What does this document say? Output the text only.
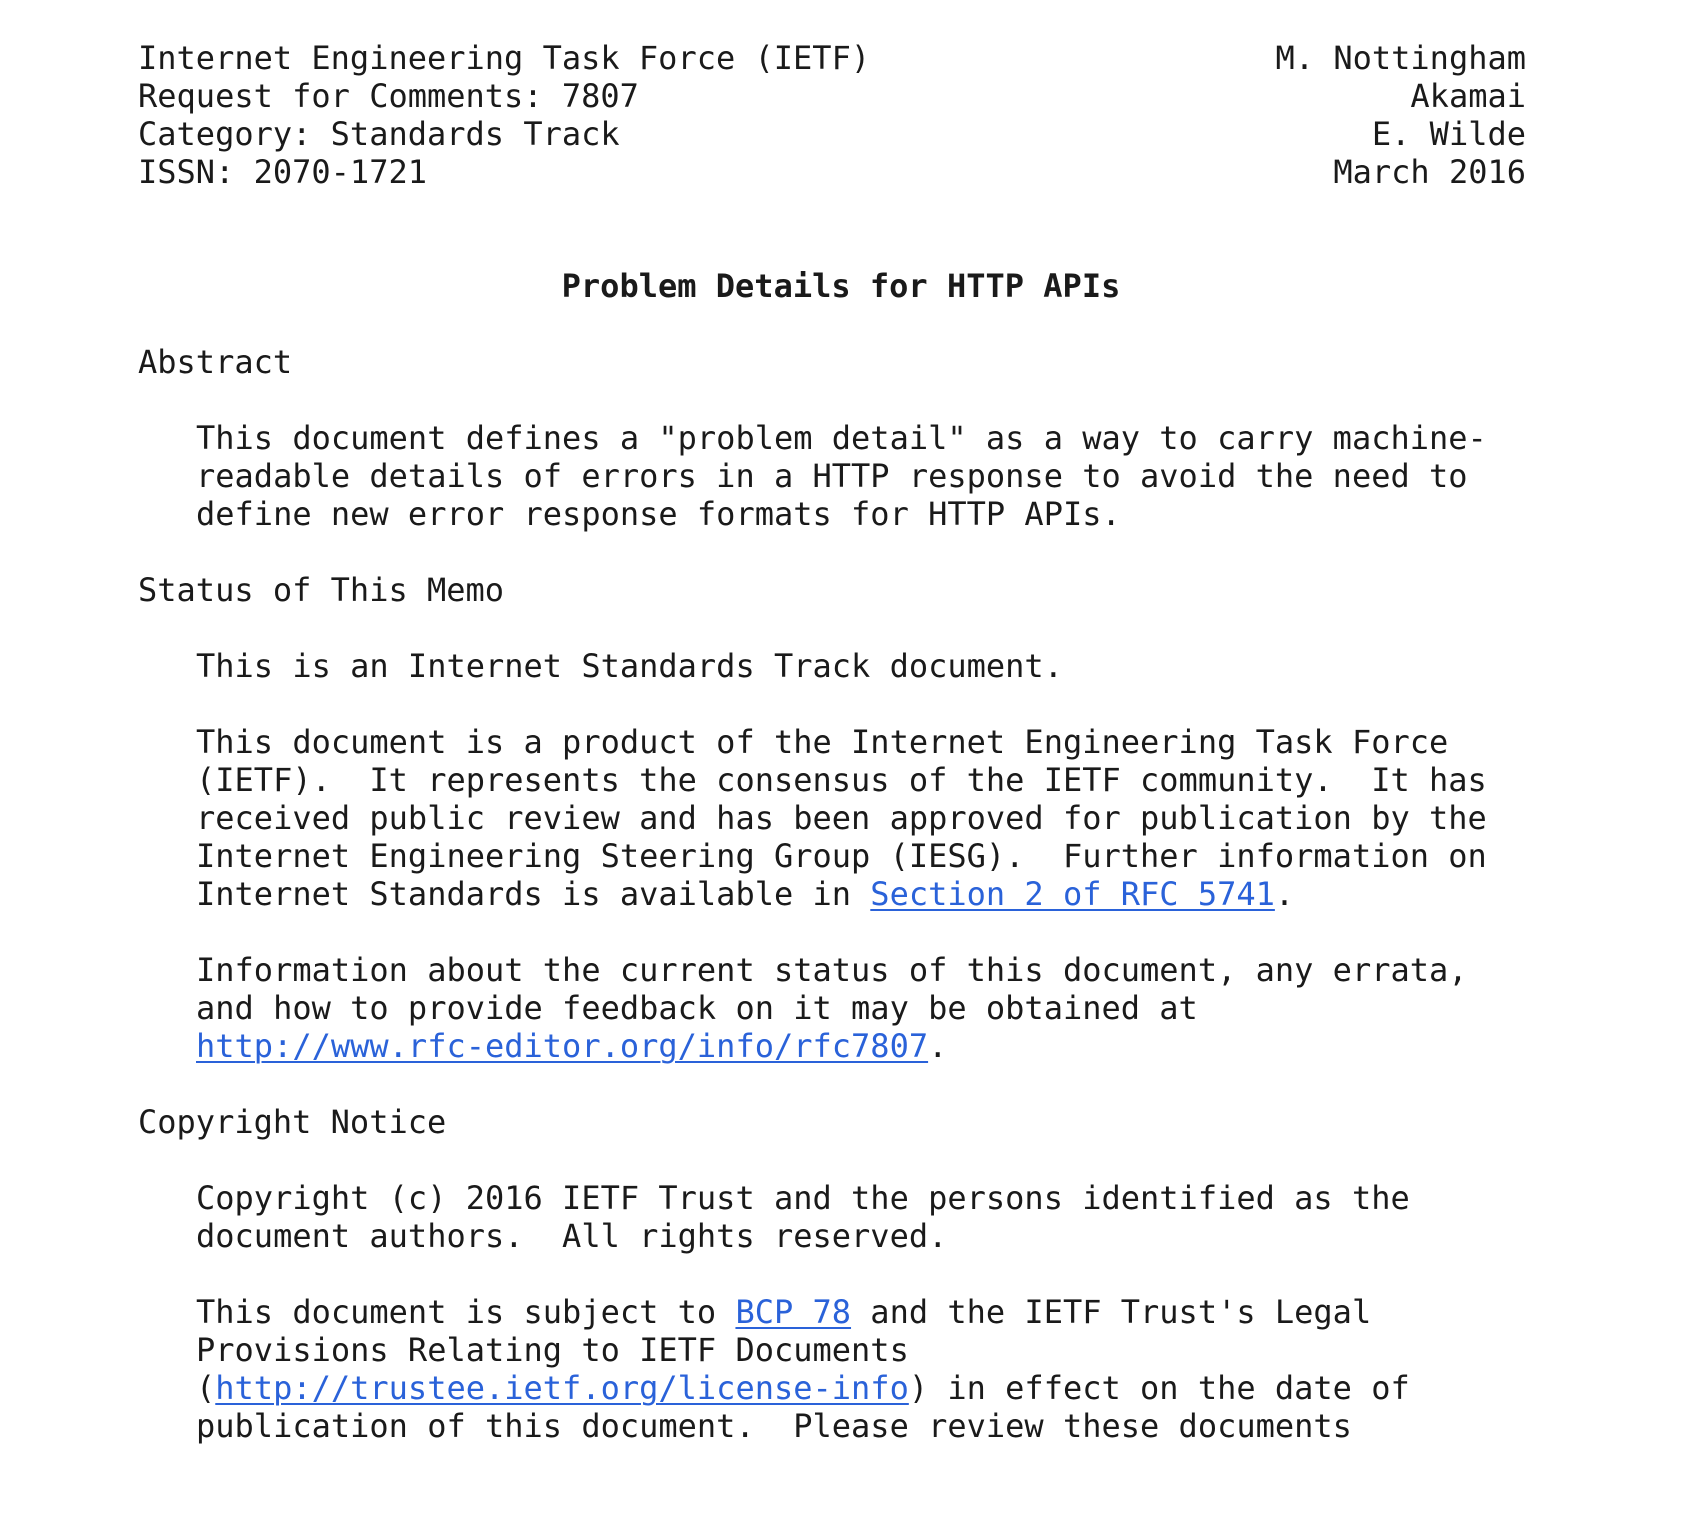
Internet Engineering Task Force (IETF)
Request for Comments: 7807
Category: Standards Track
ISSN: 2070-1721
M. Nottingham
Akamai
E. Wilde
March 2016
Problem Details for HTTP APIs
Abstract
This document defines a "problem detail" as a way to carry machine-
readable details of errors in a HTTP response to avoid the need to
define new error response formats for HTTP APIs.
Status of This Memo
This is an Internet Standards Track document.
This document is a product of the Internet Engineering Task Force
(IETF).  It represents the consensus of the IETF community.  It has
received public review and has been approved for publication by the
Internet Engineering Steering Group (IESG).  Further information on
Internet Standards is available in Section 2 of RFC 5741.
Information about the current status of this document, any errata,
and how to provide feedback on it may be obtained at
http://www.rfc-editor.org/info/rfc7807.
Copyright Notice
Copyright (c) 2016 IETF Trust and the persons identified as the
document authors.  All rights reserved.
This document is subject to BCP 78 and the IETF Trust's Legal
Provisions Relating to IETF Documents
(http://trustee.ietf.org/license-info) in effect on the date of
publication of this document.  Please review these documents
